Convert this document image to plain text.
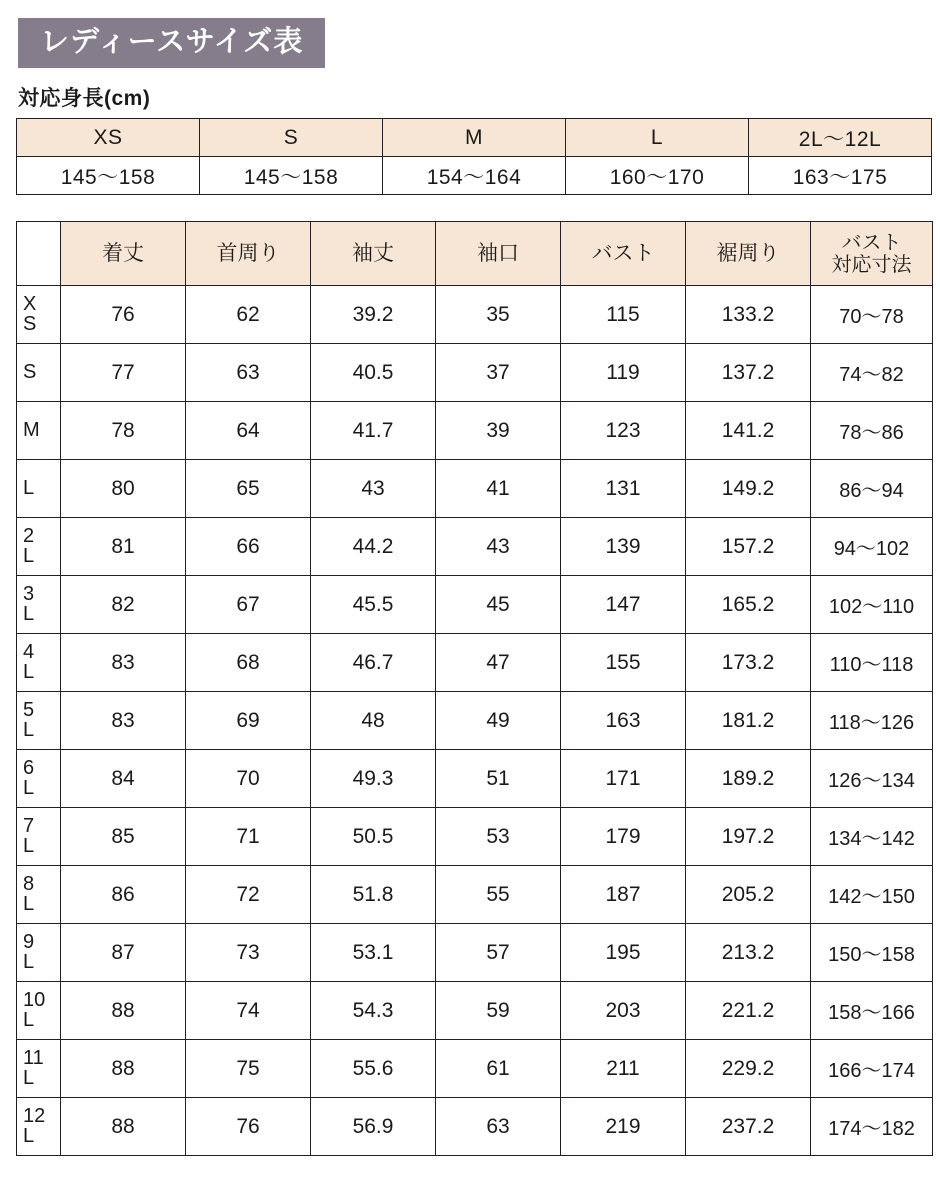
レディースサイズ表
対応身長(cm)
XS	S	M	L	2L〜12L
145〜158	145〜158	154〜164	160〜170	163〜175
	着丈	首周り	袖丈	袖口	バスト	裾周り	バスト
対応寸法

X
S	76	62	39.2	35	115	133.2	70〜78

S	77	63	40.5	37	119	137.2	74〜82

M	78	64	41.7	39	123	141.2	78〜86

L	80	65	43	41	131	149.2	86〜94

2
L	81	66	44.2	43	139	157.2	94〜102

3
L	82	67	45.5	45	147	165.2	102〜110

4
L	83	68	46.7	47	155	173.2	110〜118

5
L	83	69	48	49	163	181.2	118〜126

6
L	84	70	49.3	51	171	189.2	126〜134

7
L	85	71	50.5	53	179	197.2	134〜142

8
L	86	72	51.8	55	187	205.2	142〜150

9
L	87	73	53.1	57	195	213.2	150〜158

10
L	88	74	54.3	59	203	221.2	158〜166

11
L	88	75	55.6	61	211	229.2	166〜174

12
L	88	76	56.9	63	219	237.2	174〜182
